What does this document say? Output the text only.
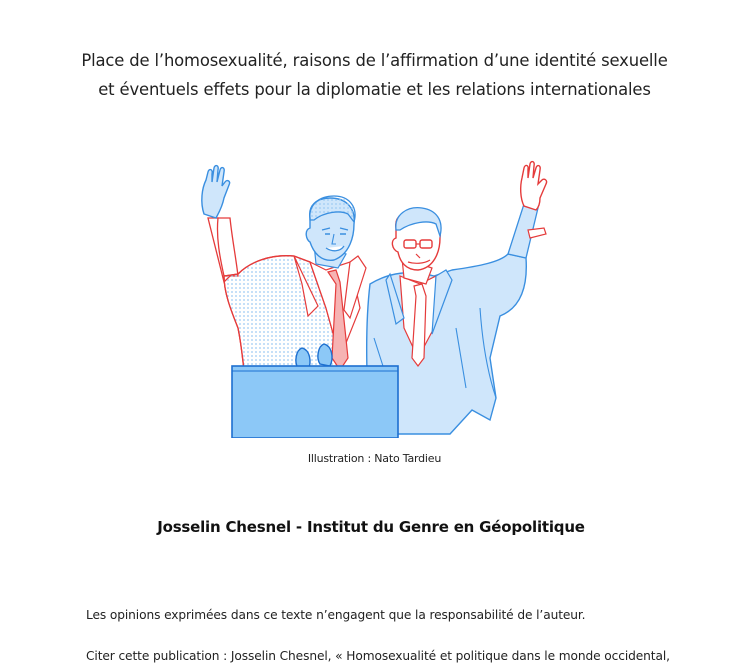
Place de l’homosexualité, raisons de l’affirmation d’une identité sexuelle
et éventuels effets pour la diplomatie et les relations internationales
Illustration : Nato Tardieu
Josselin Chesnel - Institut du Genre en Géopolitique
Les opinions exprimées dans ce texte n’engagent que la responsabilité de l’auteur.
Citer cette publication : Josselin Chesnel, « Homosexualité et politique dans le monde occidental,
